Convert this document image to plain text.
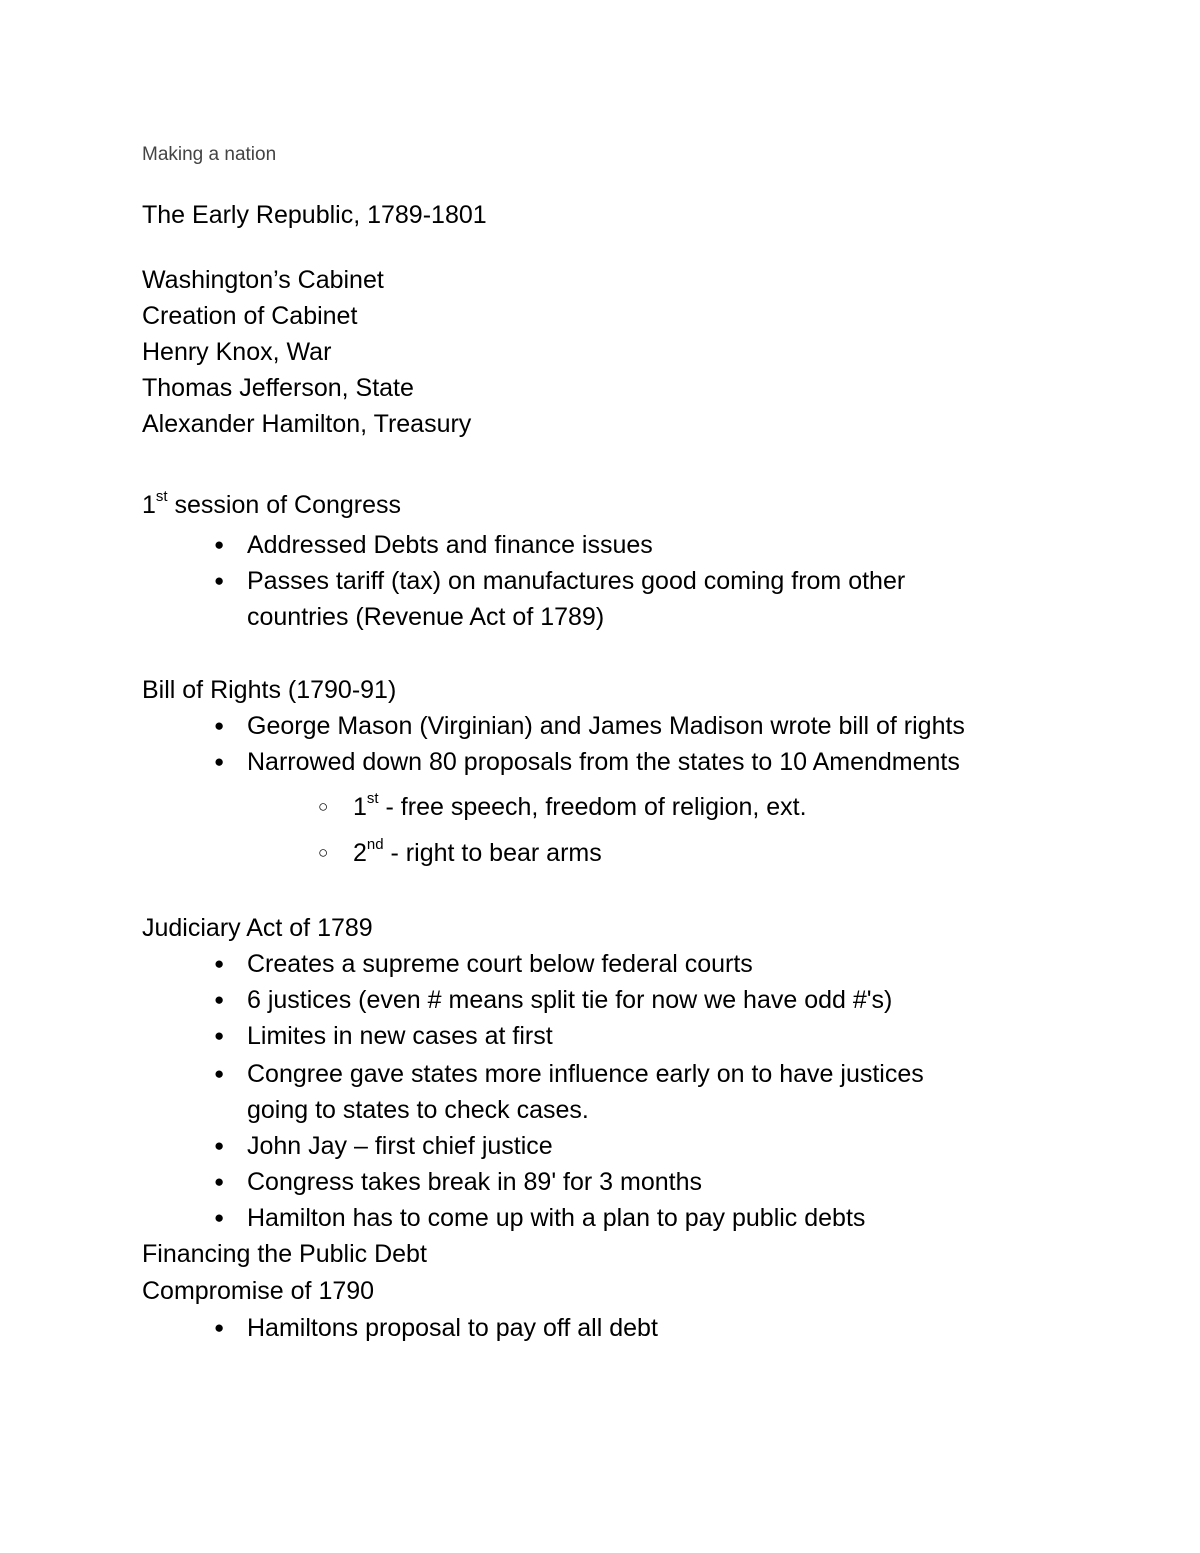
Making a nation
The Early Republic, 1789-1801
Washington’s Cabinet
Creation of Cabinet
Henry Knox, War
Thomas Jefferson, State
Alexander Hamilton, Treasury
1st session of Congress
● Addressed Debts and finance issues
● Passes tariff (tax) on manufactures good coming from other
countries (Revenue Act of 1789)
Bill of Rights (1790-91)
● George Mason (Virginian) and James Madison wrote bill of rights
● Narrowed down 80 proposals from the states to 10 Amendments
○ 1st - free speech, freedom of religion, ext.
○ 2nd - right to bear arms
Judiciary Act of 1789
● Creates a supreme court below federal courts
● 6 justices (even # means split tie for now we have odd #'s)
● Limites in new cases at first
● Congree gave states more influence early on to have justices
going to states to check cases.
● John Jay – first chief justice
● Congress takes break in 89' for 3 months
● Hamilton has to come up with a plan to pay public debts
Financing the Public Debt
Compromise of 1790
● Hamiltons proposal to pay off all debt
